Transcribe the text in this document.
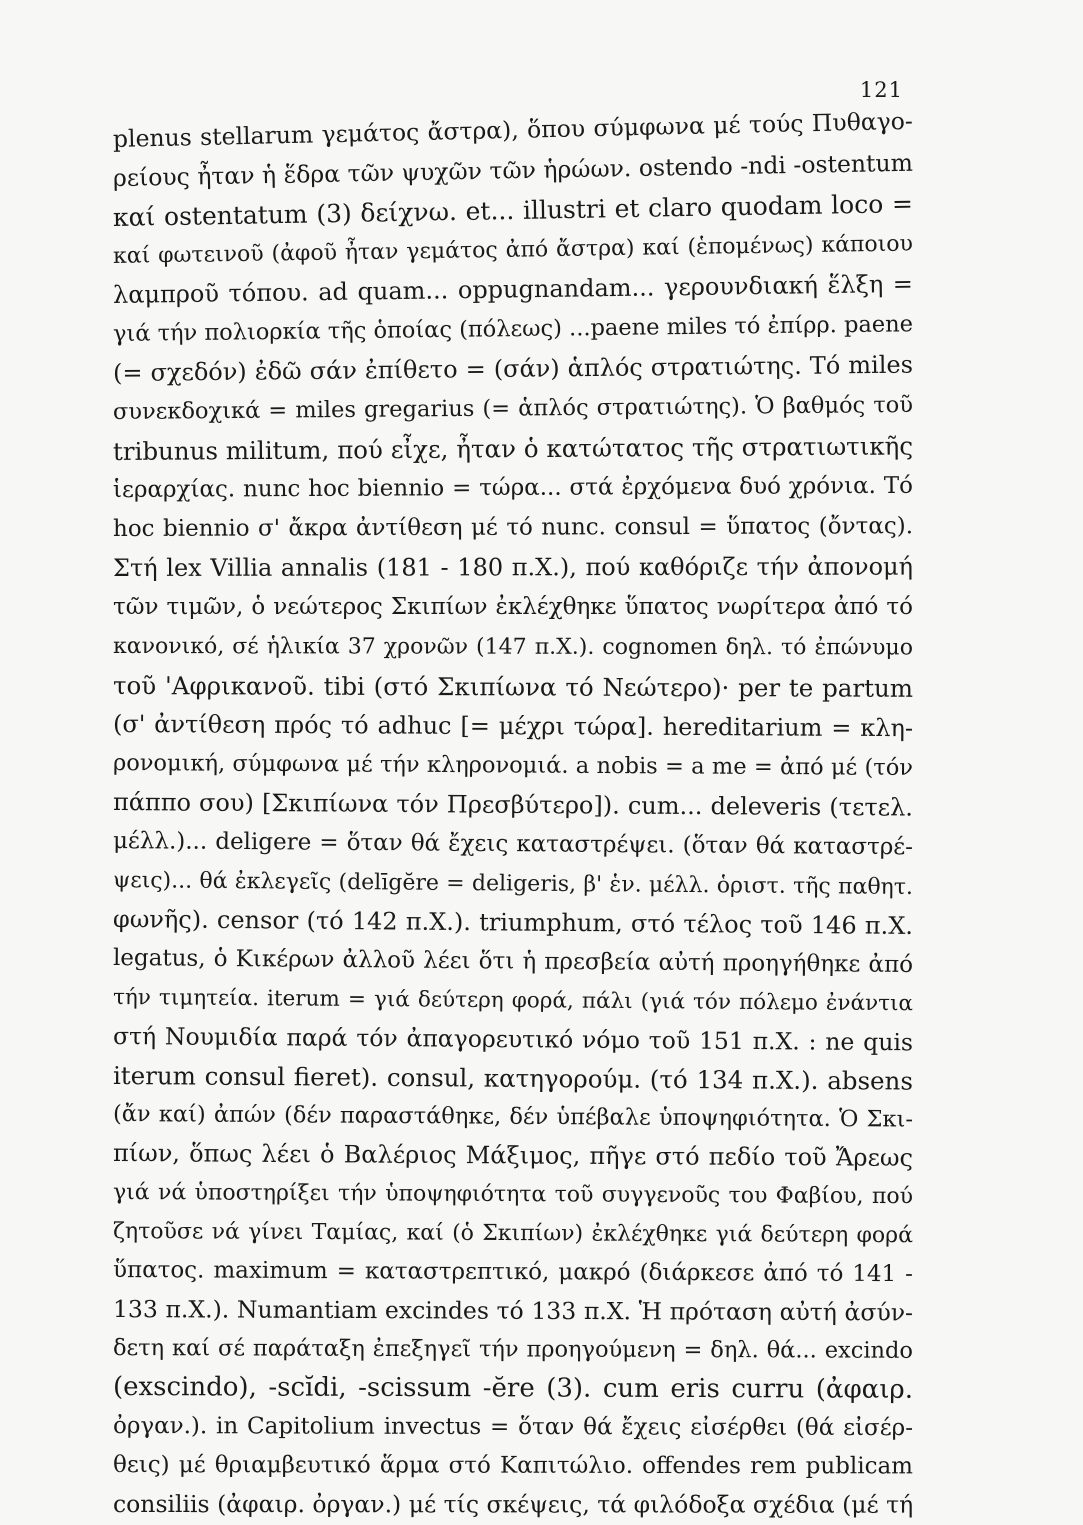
121
plenus stellarum γεμάτος ἄστρα), ὅπου σύμφωνα μέ τούς Πυθαγο-
ρείους ἦταν ἡ ἕδρα τῶν ψυχῶν τῶν ἡρώων. ostendo -ndi -ostentum
καί ostentatum (3) δείχνω. et... illustri et claro quodam loco =
καί φωτεινοῦ (ἀφοῦ ἦταν γεμάτος ἀπό ἄστρα) καί (ἑπομένως) κάποιου
λαμπροῦ τόπου. ad quam... oppugnandam... γερουνδιακή ἕλξη =
γιά τήν πολιορκία τῆς ὁποίας (πόλεως) ...paene miles τό ἐπίρρ. paene
(= σχεδόν) ἐδῶ σάν ἐπίθετο = (σάν) ἁπλός στρατιώτης. Τό miles
συνεκδοχικά = miles gregarius (= ἁπλός στρατιώτης). Ὁ βαθμός τοῦ
tribunus militum, πού εἶχε, ἦταν ὁ κατώτατος τῆς στρατιωτικῆς
ἱεραρχίας. nunc hoc biennio = τώρα... στά ἐρχόμενα δυό χρόνια. Τό
hoc biennio σ' ἄκρα ἀντίθεση μέ τό nunc. consul = ὕπατος (ὄντας).
Στή lex Villia annalis (181 - 180 π.Χ.), πού καθόριζε τήν ἀπονομή
τῶν τιμῶν, ὁ νεώτερος Σκιπίων ἐκλέχθηκε ὕπατος νωρίτερα ἀπό τό
κανονικό, σέ ἡλικία 37 χρονῶν (147 π.Χ.). cognomen δηλ. τό ἐπώνυμο
τοῦ 'Αφρικανοῦ. tibi (στό Σκιπίωνα τό Νεώτερο)· per te partum
(σ' ἀντίθεση πρός τό adhuc [= μέχρι τώρα]. hereditarium = κλη-
ρονομική, σύμφωνα μέ τήν κληρονομιά. a nobis = a me = ἀπό μέ (τόν
πάππο σου) [Σκιπίωνα τόν Πρεσβύτερο]). cum... deleveris (τετελ.
μέλλ.)... deligere = ὅταν θά ἔχεις καταστρέψει. (ὅταν θά καταστρέ-
ψεις)... θά ἐκλεγεῖς (delīgĕre = deligeris, β' ἑν. μέλλ. ὁριστ. τῆς παθητ.
φωνῆς). censor (τό 142 π.Χ.). triumphum, στό τέλος τοῦ 146 π.Χ.
legatus, ὁ Κικέρων ἀλλοῦ λέει ὅτι ἡ πρεσβεία αὐτή προηγήθηκε ἀπό
τήν τιμητεία. iterum = γιά δεύτερη φορά, πάλι (γιά τόν πόλεμο ἐνάντια
στή Νουμιδία παρά τόν ἀπαγορευτικό νόμο τοῦ 151 π.Χ. : ne quis
iterum consul fieret). consul, κατηγορούμ. (τό 134 π.Χ.). absens
(ἄν καί) ἀπών (δέν παραστάθηκε, δέν ὑπέβαλε ὑποψηφιότητα. Ὁ Σκι-
πίων, ὅπως λέει ὁ Βαλέριος Μάξιμος, πῆγε στό πεδίο τοῦ Ἄρεως
γιά νά ὑποστηρίξει τήν ὑποψηφιότητα τοῦ συγγενοῦς του Φαβίου, πού
ζητοῦσε νά γίνει Ταμίας, καί (ὁ Σκιπίων) ἐκλέχθηκε γιά δεύτερη φορά
ὕπατος. maximum = καταστρεπτικό, μακρό (διάρκεσε ἀπό τό 141 -
133 π.Χ.). Numantiam excindes τό 133 π.Χ. Ἡ πρόταση αὐτή ἀσύν-
δετη καί σέ παράταξη ἐπεξηγεῖ τήν προηγούμενη = δηλ. θά... excindo
(exscindo), -scĭdi, -scissum -ĕre (3). cum eris curru (ἀφαιρ.
ὀργαν.). in Capitolium invectus = ὅταν θά ἔχεις εἰσέρθει (θά εἰσέρ-
θεις) μέ θριαμβευτικό ἅρμα στό Καπιτώλιο. offendes rem publicam
consiliis (ἀφαιρ. ὀργαν.) μέ τίς σκέψεις, τά φιλόδοξα σχέδια (μέ τή
